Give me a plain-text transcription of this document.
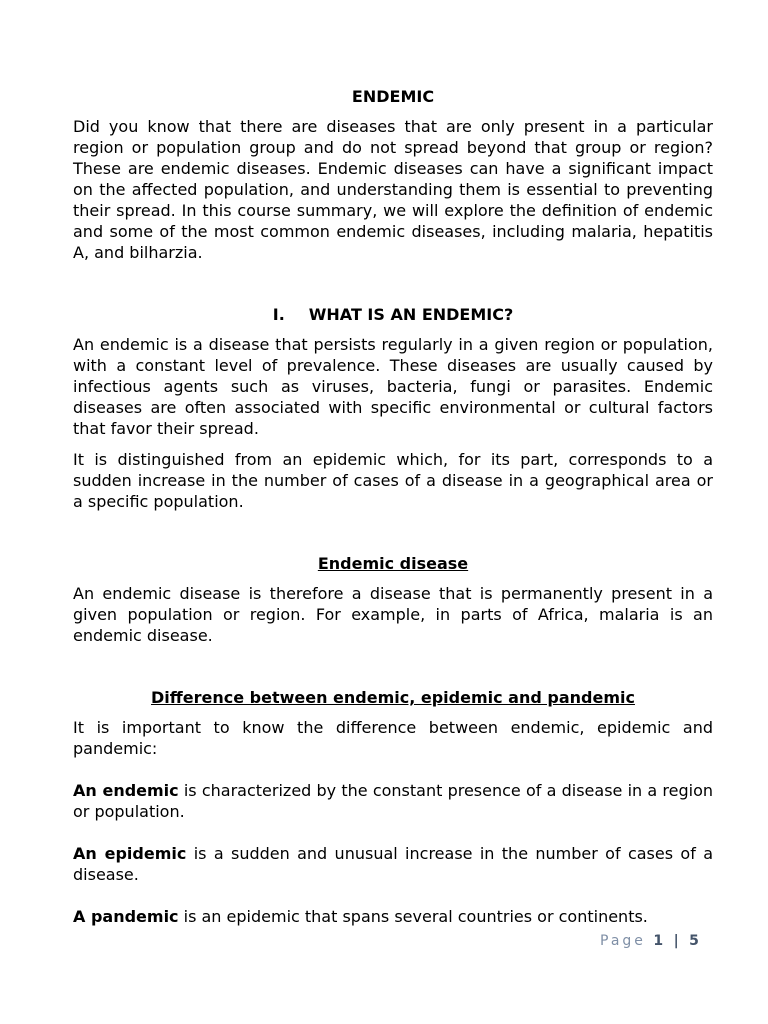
ENDEMIC

Did you know that there are diseases that are only present in a particular region or population group and do not spread beyond that group or region? These are endemic diseases. Endemic diseases can have a significant impact on the affected population, and understanding them is essential to preventing their spread. In this course summary, we will explore the definition of endemic and some of the most common endemic diseases, including malaria, hepatitis A, and bilharzia.

I. WHAT IS AN ENDEMIC?

An endemic is a disease that persists regularly in a given region or population, with a constant level of prevalence. These diseases are usually caused by infectious agents such as viruses, bacteria, fungi or parasites. Endemic diseases are often associated with specific environmental or cultural factors that favor their spread.

It is distinguished from an epidemic which, for its part, corresponds to a sudden increase in the number of cases of a disease in a geographical area or a specific population.

Endemic disease

An endemic disease is therefore a disease that is permanently present in a given population or region. For example, in parts of Africa, malaria is an endemic disease.

Difference between endemic, epidemic and pandemic

It is important to know the difference between endemic, epidemic and pandemic:

An endemic is characterized by the constant presence of a disease in a region or population.

An epidemic is a sudden and unusual increase in the number of cases of a disease.

A pandemic is an epidemic that spans several countries or continents.

Page 1 | 5
